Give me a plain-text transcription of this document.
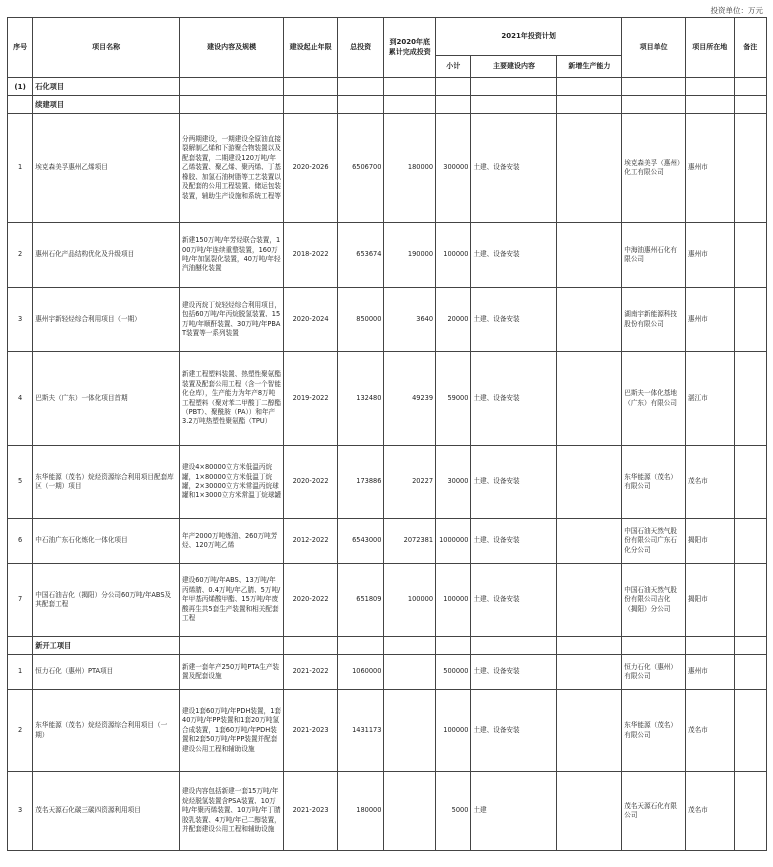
投资单位：万元
序号	项目名称	建设内容及规模	建设起止年限	总投资	到2020年底累计完成投资	2021年投资计划			项目单位	项目所在地	备注
						小计	主要建设内容	新增生产能力			
(1)	石化项目										
	续建项目										
1	埃克森美孚惠州乙烯项目	分两期建设，一期建设全原油直接裂解制乙烯和下游聚合物装置以及配套装置，二期建设120万吨/年乙烯装置、聚乙烯、聚丙烯、丁基橡胶、加氢石油树脂等工艺装置以及配套的公用工程装置、储运包装装置，辅助生产设施和系统工程等	2020-2026	6506700	180000	300000	土建、设备安装		埃克森美孚（惠州）化工有限公司	惠州市	
2	惠州石化产品结构优化及升级项目	新建150万吨/年芳烃联合装置，100万吨/年连续重整装置，160万吨/年加氢裂化装置，40万吨/年轻汽油醚化装置	2018-2022	653674	190000	100000	土建、设备安装		中海油惠州石化有限公司	惠州市	
3	惠州宇新轻烃综合利用项目（一期）	建设丙烷丁烷轻烃综合利用项目，包括60万吨/年丙烷脱氢装置、15万吨/年顺酐装置、30万吨/年PBAT装置等一系列装置	2020-2024	850000	3640	20000	土建、设备安装		湖南宇新能源科技股份有限公司	惠州市	
4	巴斯夫（广东）一体化项目首期	新建工程塑料装置、热塑性聚氨酯装置及配套公用工程（含一个智能化仓库），生产能力为年产8万吨工程塑料（聚对苯二甲酸丁二醇酯（PBT）、聚酰胺（PA））和年产3.2万吨热塑性聚氨酯（TPU）	2019-2022	132480	49239	59000	土建、设备安装		巴斯夫一体化基地（广东）有限公司	湛江市	
5	东华能源（茂名）烷烃资源综合利用项目配套库区（一期）项目	建设4×80000立方米低温丙烷罐，1×80000立方米低温丁烷罐，2×30000立方米常温丙烷球罐和1×3000立方米常温丁烷球罐	2020-2022	173886	20227	30000	土建、设备安装		东华能源（茂名）有限公司	茂名市	
6	中石油广东石化炼化一体化项目	年产2000万吨炼油、260万吨芳烃、120万吨乙烯	2012-2022	6543000	2072381	1000000	土建、设备安装		中国石油天然气股份有限公司广东石化分公司	揭阳市	
7	中国石油吉化（揭阳）分公司60万吨/年ABS及其配套工程	建设60万吨/年ABS、13万吨/年丙烯腈、0.4万吨/年乙腈、5万吨/年甲基丙烯酸甲酯、15万吨/年废酸再生共5套生产装置和相关配套工程	2020-2022	651809	100000	100000	土建、设备安装		中国石油天然气股份有限公司吉化（揭阳）分公司	揭阳市	
	新开工项目										
1	恒力石化（惠州）PTA项目	新建一套年产250万吨PTA生产装置及配套设施	2021-2022	1060000		500000	土建、设备安装		恒力石化（惠州）有限公司	惠州市	
2	东华能源（茂名）烷烃资源综合利用项目（一期）	建设1套60万吨/年PDH装置，1套40万吨/年PP装置和1套20万吨氢合成装置，1套60万吨/年PDH装置和2套50万吨/年PP装置并配套建设公用工程和辅助设施	2021-2023	1431173		100000	土建、设备安装		东华能源（茂名）有限公司	茂名市	
3	茂名天源石化碳三碳四资源利用项目	建设内容包括新建一套15万吨/年烷烃脱氢装置含PSA装置、10万吨/年聚丙烯装置、10万吨/年丁腈胶乳装置、4万吨/年己二醇装置，并配套建设公用工程和辅助设施	2021-2023	180000		5000	土建		茂名天源石化有限公司	茂名市	
